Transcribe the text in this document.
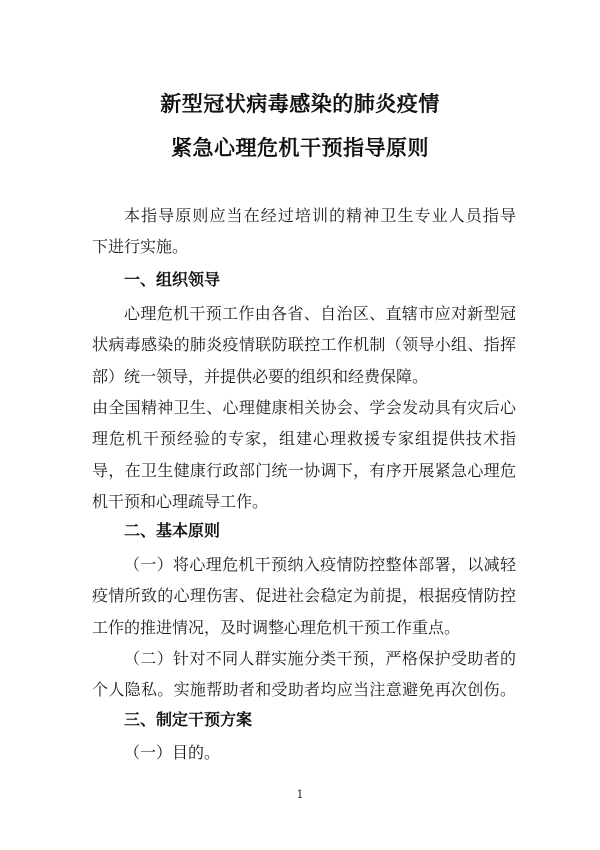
新型冠状病毒感染的肺炎疫情
紧急心理危机干预指导原则

本指导原则应当在经过培训的精神卫生专业人员指导
下进行实施。

一、组织领导

心理危机干预工作由各省、自治区、直辖市应对新型冠
状病毒感染的肺炎疫情联防联控工作机制（领导小组、指挥
部）统一领导，并提供必要的组织和经费保障。

由全国精神卫生、心理健康相关协会、学会发动具有灾后心
理危机干预经验的专家，组建心理救援专家组提供技术指
导，在卫生健康行政部门统一协调下，有序开展紧急心理危
机干预和心理疏导工作。

二、基本原则

（一）将心理危机干预纳入疫情防控整体部署，以减轻
疫情所致的心理伤害、促进社会稳定为前提，根据疫情防控
工作的推进情况，及时调整心理危机干预工作重点。

（二）针对不同人群实施分类干预，严格保护受助者的
个人隐私。实施帮助者和受助者均应当注意避免再次创伤。

三、制定干预方案

（一）目的。

1
